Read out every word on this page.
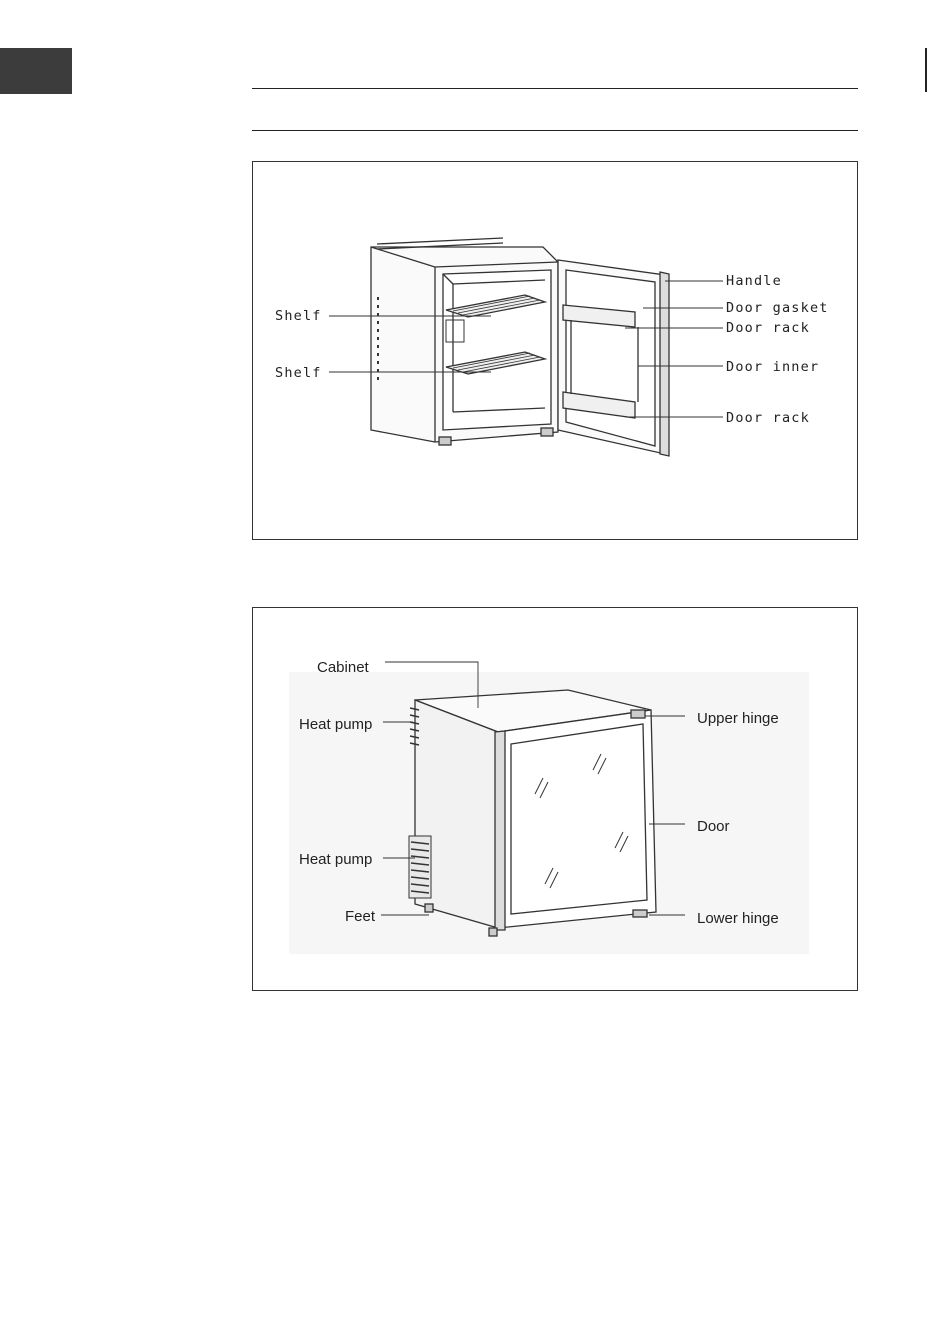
Shelf
Shelf
Handle
Door gasket
Door rack
Door inner
Door rack
Cabinet
Heat pump
Heat pump
Feet
Upper hinge
Door
Lower hinge
